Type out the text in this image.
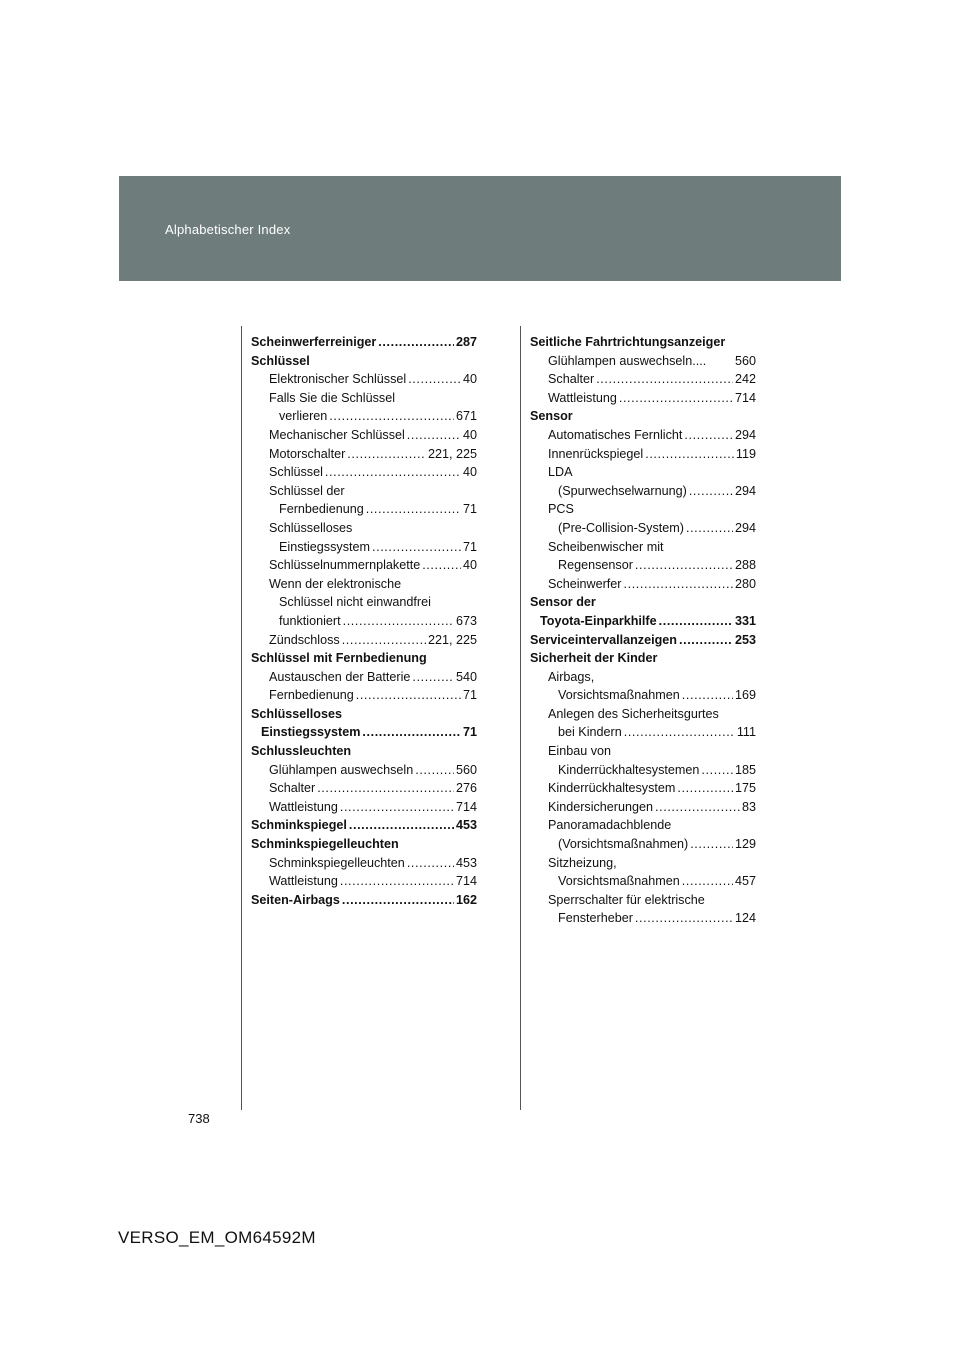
Alphabetischer Index
Scheinwerferreiniger .....	287
Schlüssel
Elektronischer Schlüssel .....	40
Falls Sie die Schlüssel
verlieren .....	671
Mechanischer Schlüssel .....	40
Motorschalter .....	221, 225
Schlüssel .....	40
Schlüssel der
Fernbedienung .....	71
Schlüsselloses
Einstiegssystem .....	71
Schlüsselnummernplakette .....	40
Wenn der elektronische
Schlüssel nicht einwandfrei
funktioniert .....	673
Zündschloss .....	221, 225
Schlüssel mit Fernbedienung
Austauschen der Batterie .....	540
Fernbedienung .....	71
Schlüsselloses
Einstiegssystem .....	71
Schlussleuchten
Glühlampen auswechseln .....	560
Schalter .....	276
Wattleistung .....	714
Schminkspiegel .....	453
Schminkspiegelleuchten
Schminkspiegelleuchten .....	453
Wattleistung .....	714
Seiten-Airbags .....	162
Seitliche Fahrtrichtungsanzeiger
Glühlampen auswechseln.... 560
Schalter .....	242
Wattleistung .....	714
Sensor
Automatisches Fernlicht .....	294
Innenrückspiegel .....	119
LDA
(Spurwechselwarnung) .....	294
PCS
(Pre-Collision-System) .....	294
Scheibenwischer mit
Regensensor .....	288
Scheinwerfer .....	280
Sensor der
Toyota-Einparkhilfe .....	331
Serviceintervallanzeigen .....	253
Sicherheit der Kinder
Airbags,
Vorsichtsmaßnahmen .....	169
Anlegen des Sicherheitsgurtes
bei Kindern .....	111
Einbau von
Kinderrückhaltesystemen .....	185
Kinderrückhaltesystem .....	175
Kindersicherungen .....	83
Panoramadachblende
(Vorsichtsmaßnahmen) .....	129
Sitzheizung,
Vorsichtsmaßnahmen .....	457
Sperrschalter für elektrische
Fensterheber .....	124
738
VERSO_EM_OM64592M
